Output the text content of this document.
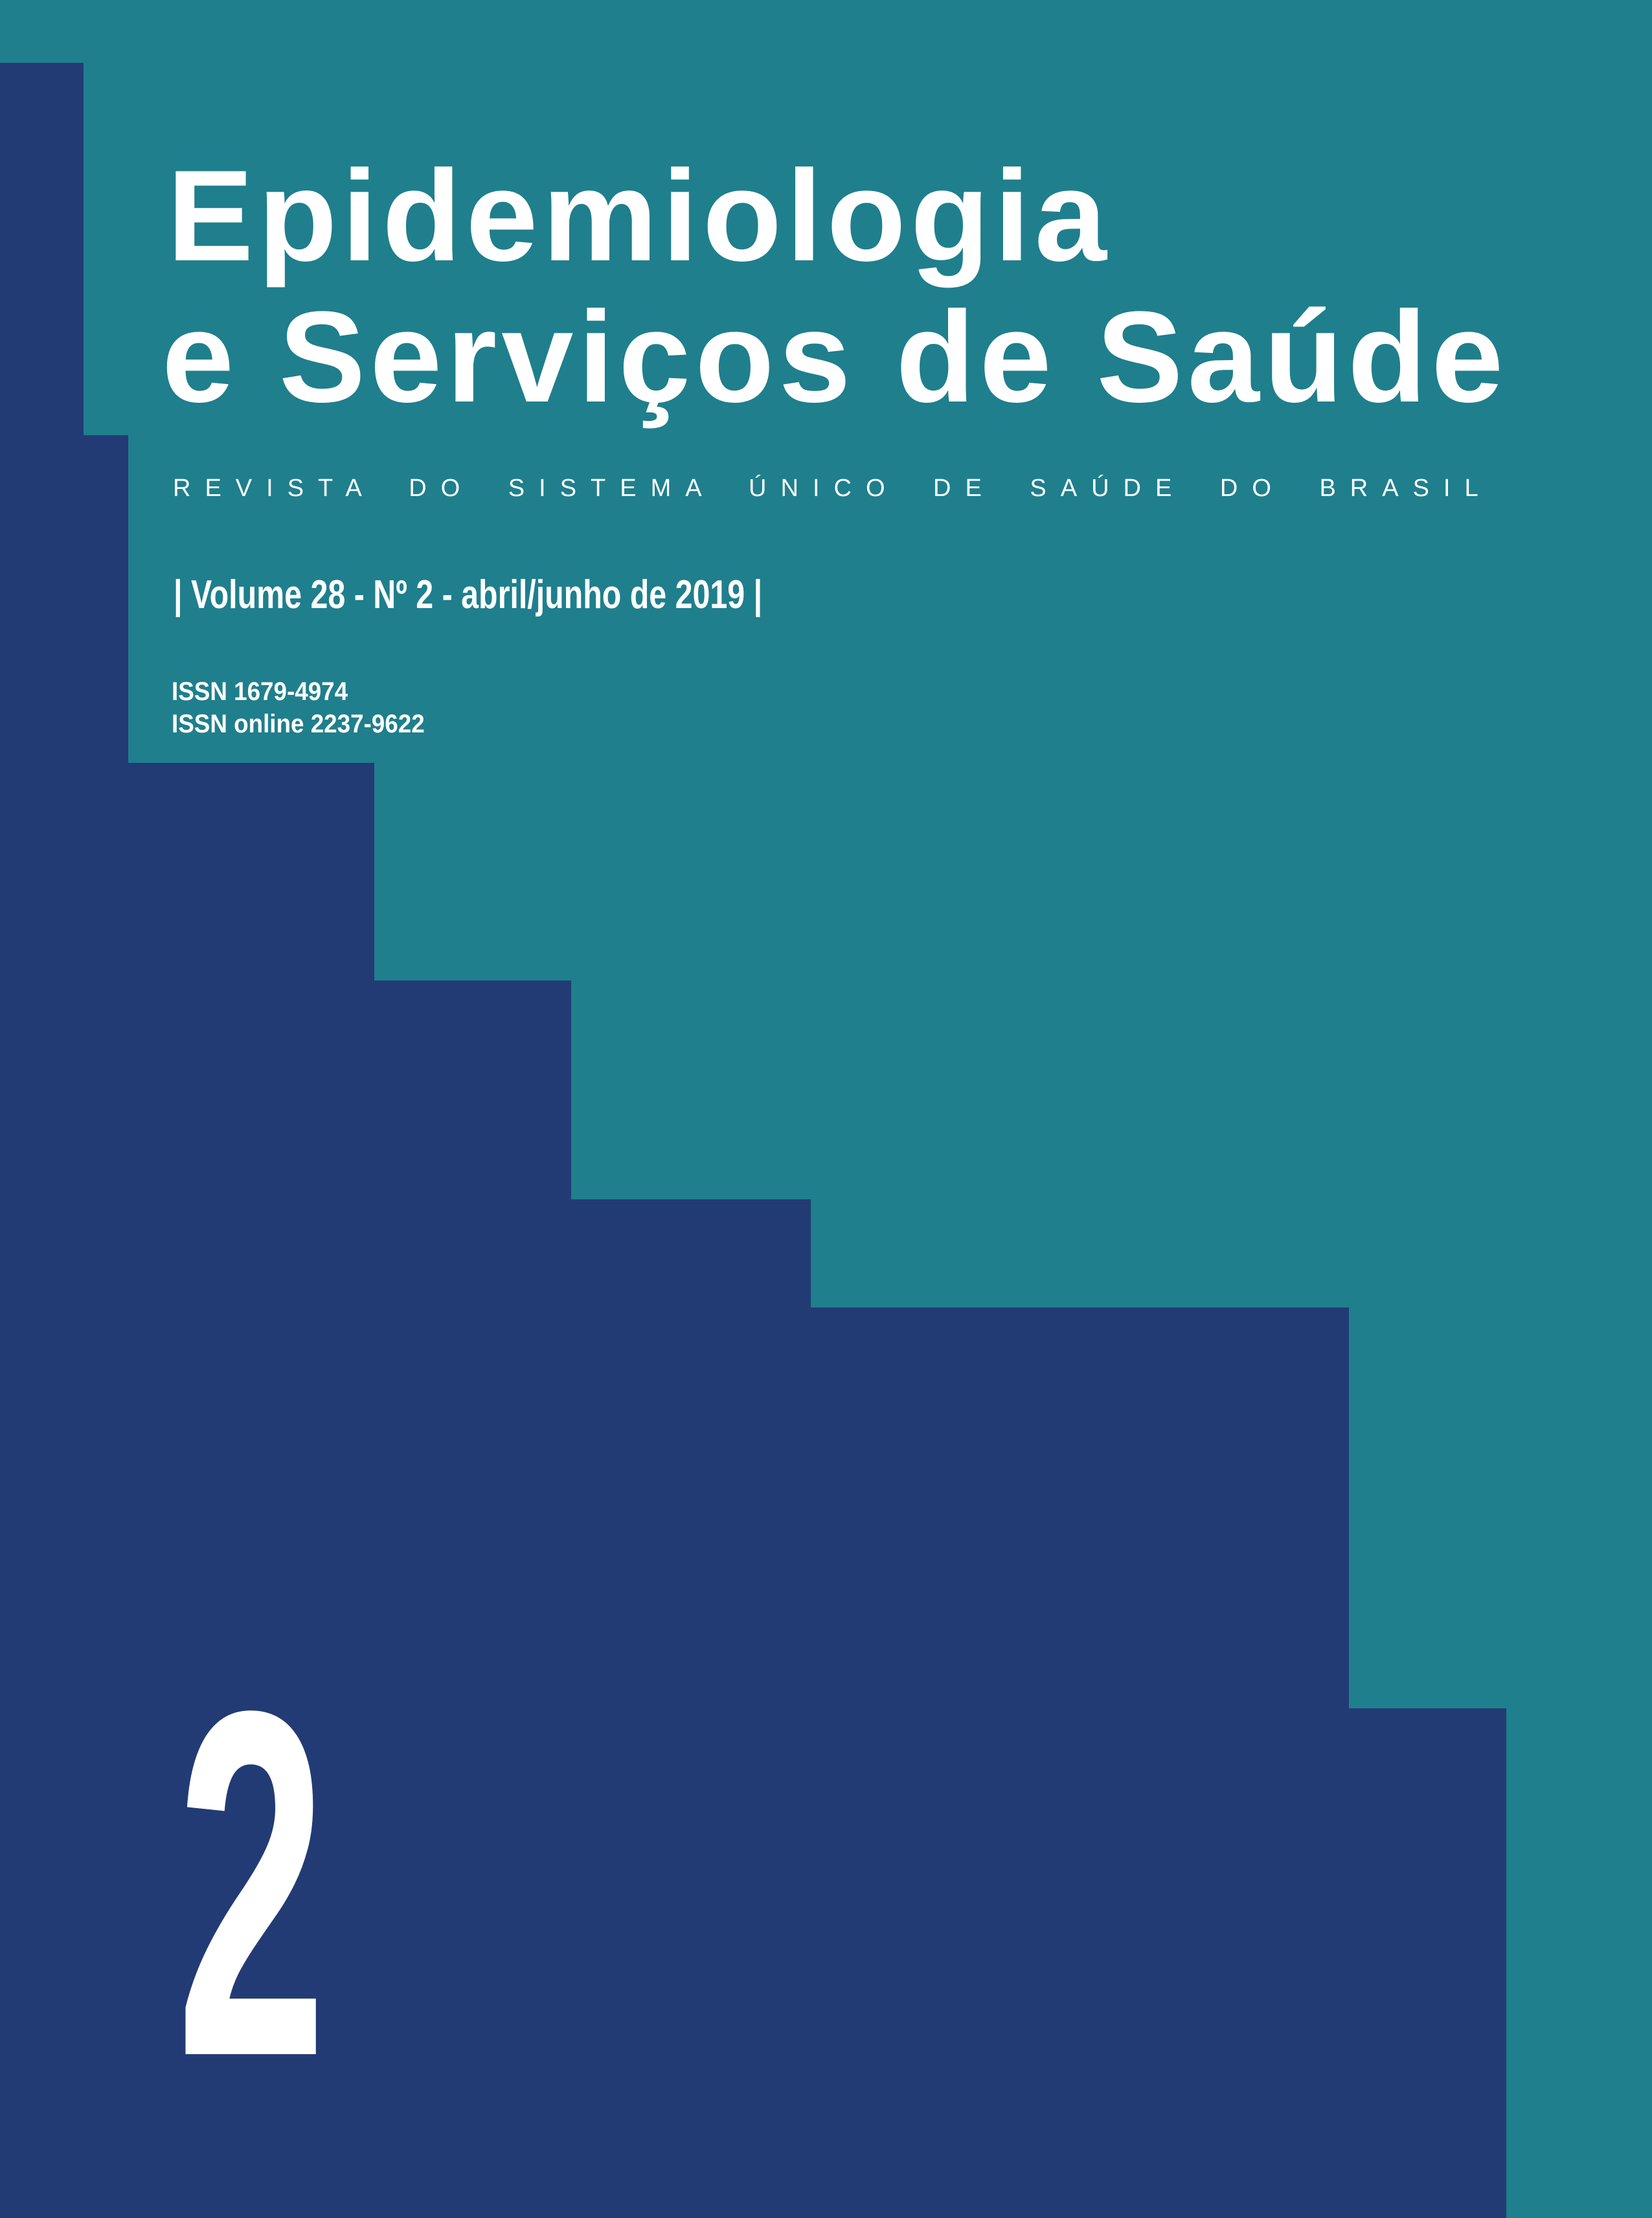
Epidemiologia
e Serviços de Saúde
REVISTA DO SISTEMA ÚNICO DE SAÚDE DO BRASIL
| Volume 28 - Nº 2 - abril/junho de 2019 |
ISSN 1679-4974
ISSN online 2237-9622
2
